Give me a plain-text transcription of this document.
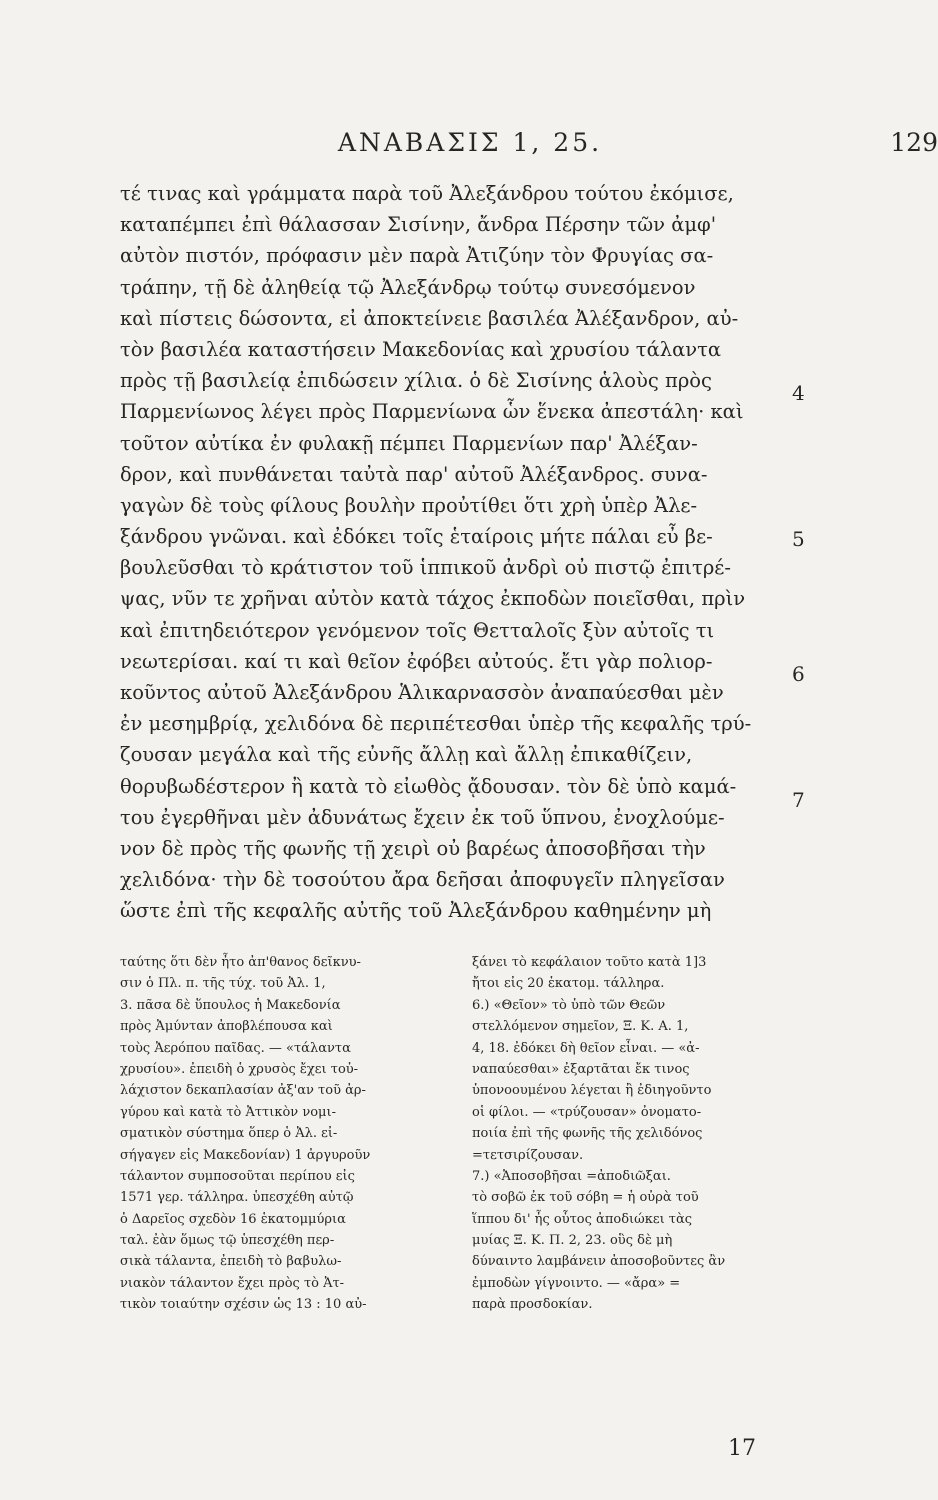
ΑΝΑΒΑΣΙΣ 1, 25.	129
τέ τινας καὶ γράμματα παρὰ τοῦ Ἀλεξάνδρου τούτου ἐκόμισε,
καταπέμπει ἐπὶ θάλασσαν Σισίνην, ἄνδρα Πέρσην τῶν ἀμφ'
αὐτὸν πιστόν, πρόφασιν μὲν παρὰ Ἀτιζύην τὸν Φρυγίας σα-
τράπην, τῇ δὲ ἀληθείᾳ τῷ Ἀλεξάνδρῳ τούτῳ συνεσόμενον
καὶ πίστεις δώσοντα, εἰ ἀποκτείνειε βασιλέα Ἀλέξανδρον, αὐ-
τὸν βασιλέα καταστήσειν Μακεδονίας καὶ χρυσίου τάλαντα
πρὸς τῇ βασιλείᾳ ἐπιδώσειν χίλια. ὁ δὲ Σισίνης ἁλοὺς πρὸς
Παρμενίωνος λέγει πρὸς Παρμενίωνα ὧν ἕνεκα ἀπεστάλη· καὶ
τοῦτον αὐτίκα ἐν φυλακῇ πέμπει Παρμενίων παρ' Ἀλέξαν-
δρον, καὶ πυνθάνεται ταὐτὰ παρ' αὐτοῦ Ἀλέξανδρος. συνα-
γαγὼν δὲ τοὺς φίλους βουλὴν προὐτίθει ὅτι χρὴ ὑπὲρ Ἀλε-
ξάνδρου γνῶναι. καὶ ἐδόκει τοῖς ἑταίροις μήτε πάλαι εὖ βε-
βουλεῦσθαι τὸ κράτιστον τοῦ ἱππικοῦ ἀνδρὶ οὐ πιστῷ ἐπιτρέ-
ψας, νῦν τε χρῆναι αὐτὸν κατὰ τάχος ἐκποδὼν ποιεῖσθαι, πρὶν
καὶ ἐπιτηδειότερον γενόμενον τοῖς Θετταλοῖς ξὺν αὐτοῖς τι
νεωτερίσαι. καί τι καὶ θεῖον ἐφόβει αὐτούς. ἔτι γὰρ πολιορ-
κοῦντος αὐτοῦ Ἀλεξάνδρου Ἁλικαρνασσὸν ἀναπαύεσθαι μὲν
ἐν μεσημβρίᾳ, χελιδόνα δὲ περιπέτεσθαι ὑπὲρ τῆς κεφαλῆς τρύ-
ζουσαν μεγάλα καὶ τῆς εὐνῆς ἄλλῃ καὶ ἄλλῃ ἐπικαθίζειν,
θορυβωδέστερον ἢ κατὰ τὸ εἰωθὸς ᾄδουσαν. τὸν δὲ ὑπὸ καμά-
του ἐγερθῆναι μὲν ἀδυνάτως ἔχειν ἐκ τοῦ ὕπνου, ἐνοχλούμε-
νον δὲ πρὸς τῆς φωνῆς τῇ χειρὶ οὐ βαρέως ἀποσοβῆσαι τὴν
χελιδόνα· τὴν δὲ τοσούτου ἄρα δεῆσαι ἀποφυγεῖν πληγεῖσαν
ὥστε ἐπὶ τῆς κεφαλῆς αὐτῆς τοῦ Ἀλεξάνδρου καθημένην μὴ
4
5
6
7
ταύτης ὅτι δὲν ἦτο ἀπ'θανος δεῖκνυ-
σιν ὁ Πλ. π. τῆς τύχ. τοῦ Ἀλ. 1,
3. πᾶσα δὲ ὕπουλος ἡ Μακεδονία
πρὸς Ἀμύνταν ἀποβλέπουσα καὶ
τοὺς Ἀερόπου παῖδας. — «τάλαντα
χρυσίου». ἐπειδὴ ὁ χρυσὸς ἔχει τοὐ-
λάχιστον δεκαπλασίαν ἀξ'αν τοῦ ἀρ-
γύρου καὶ κατὰ τὸ Ἀττικὸν νομι-
σματικὸν σύστημα ὅπερ ὁ Ἀλ. εἰ-
σήγαγεν εἰς Μακεδονίαν) 1 ἀργυροῦν
τάλαντον συμποσοῦται περίπου εἰς
1571 γερ. τάλληρα. ὑπεσχέθη αὐτῷ
ὁ Δαρεῖος σχεδὸν 16 ἑκατομμύρια
ταλ. ἐὰν ὅμως τῷ ὑπεσχέθη περ-
σικὰ τάλαντα, ἐπειδὴ τὸ βαβυλω-
νιακὸν τάλαντον ἔχει πρὸς τὸ Ἀτ-
τικὸν τοιαύτην σχέσιν ὡς 13 : 10 αὐ-
ξάνει τὸ κεφάλαιον τοῦτο κατὰ 1]3
ἤτοι εἰς 20 ἑκατομ. τάλληρα.
6.) «Θεῖον» τὸ ὑπὸ τῶν Θεῶν
στελλόμενον σημεῖον, Ξ. Κ. Α. 1,
4, 18. ἐδόκει δὴ θεῖον εἶναι. — «ἀ-
ναπαύεσθαι» ἐξαρτᾶται ἔκ τινος
ὑπονοουμένου λέγεται ἢ ἐδιηγοῦντο
οἱ φίλοι. — «τρύζουσαν» ὀνοματο-
ποιία ἐπὶ τῆς φωνῆς τῆς χελιδόνος
=τετσιρίζουσαν.
7.) «Ἀποσοβῆσαι =ἀποδιῶξαι.
τὸ σοβῶ ἐκ τοῦ σόβη = ἡ οὐρὰ τοῦ
ἵππου δι' ἧς οὗτος ἀποδιώκει τὰς
μυίας Ξ. Κ. Π. 2, 23. οὓς δὲ μὴ
δύναιντο λαμβάνειν ἀποσοβοῦντες ἂν
ἐμποδὼν γίγνοιντο. — «ἄρα» =
παρὰ προσδοκίαν.
17
